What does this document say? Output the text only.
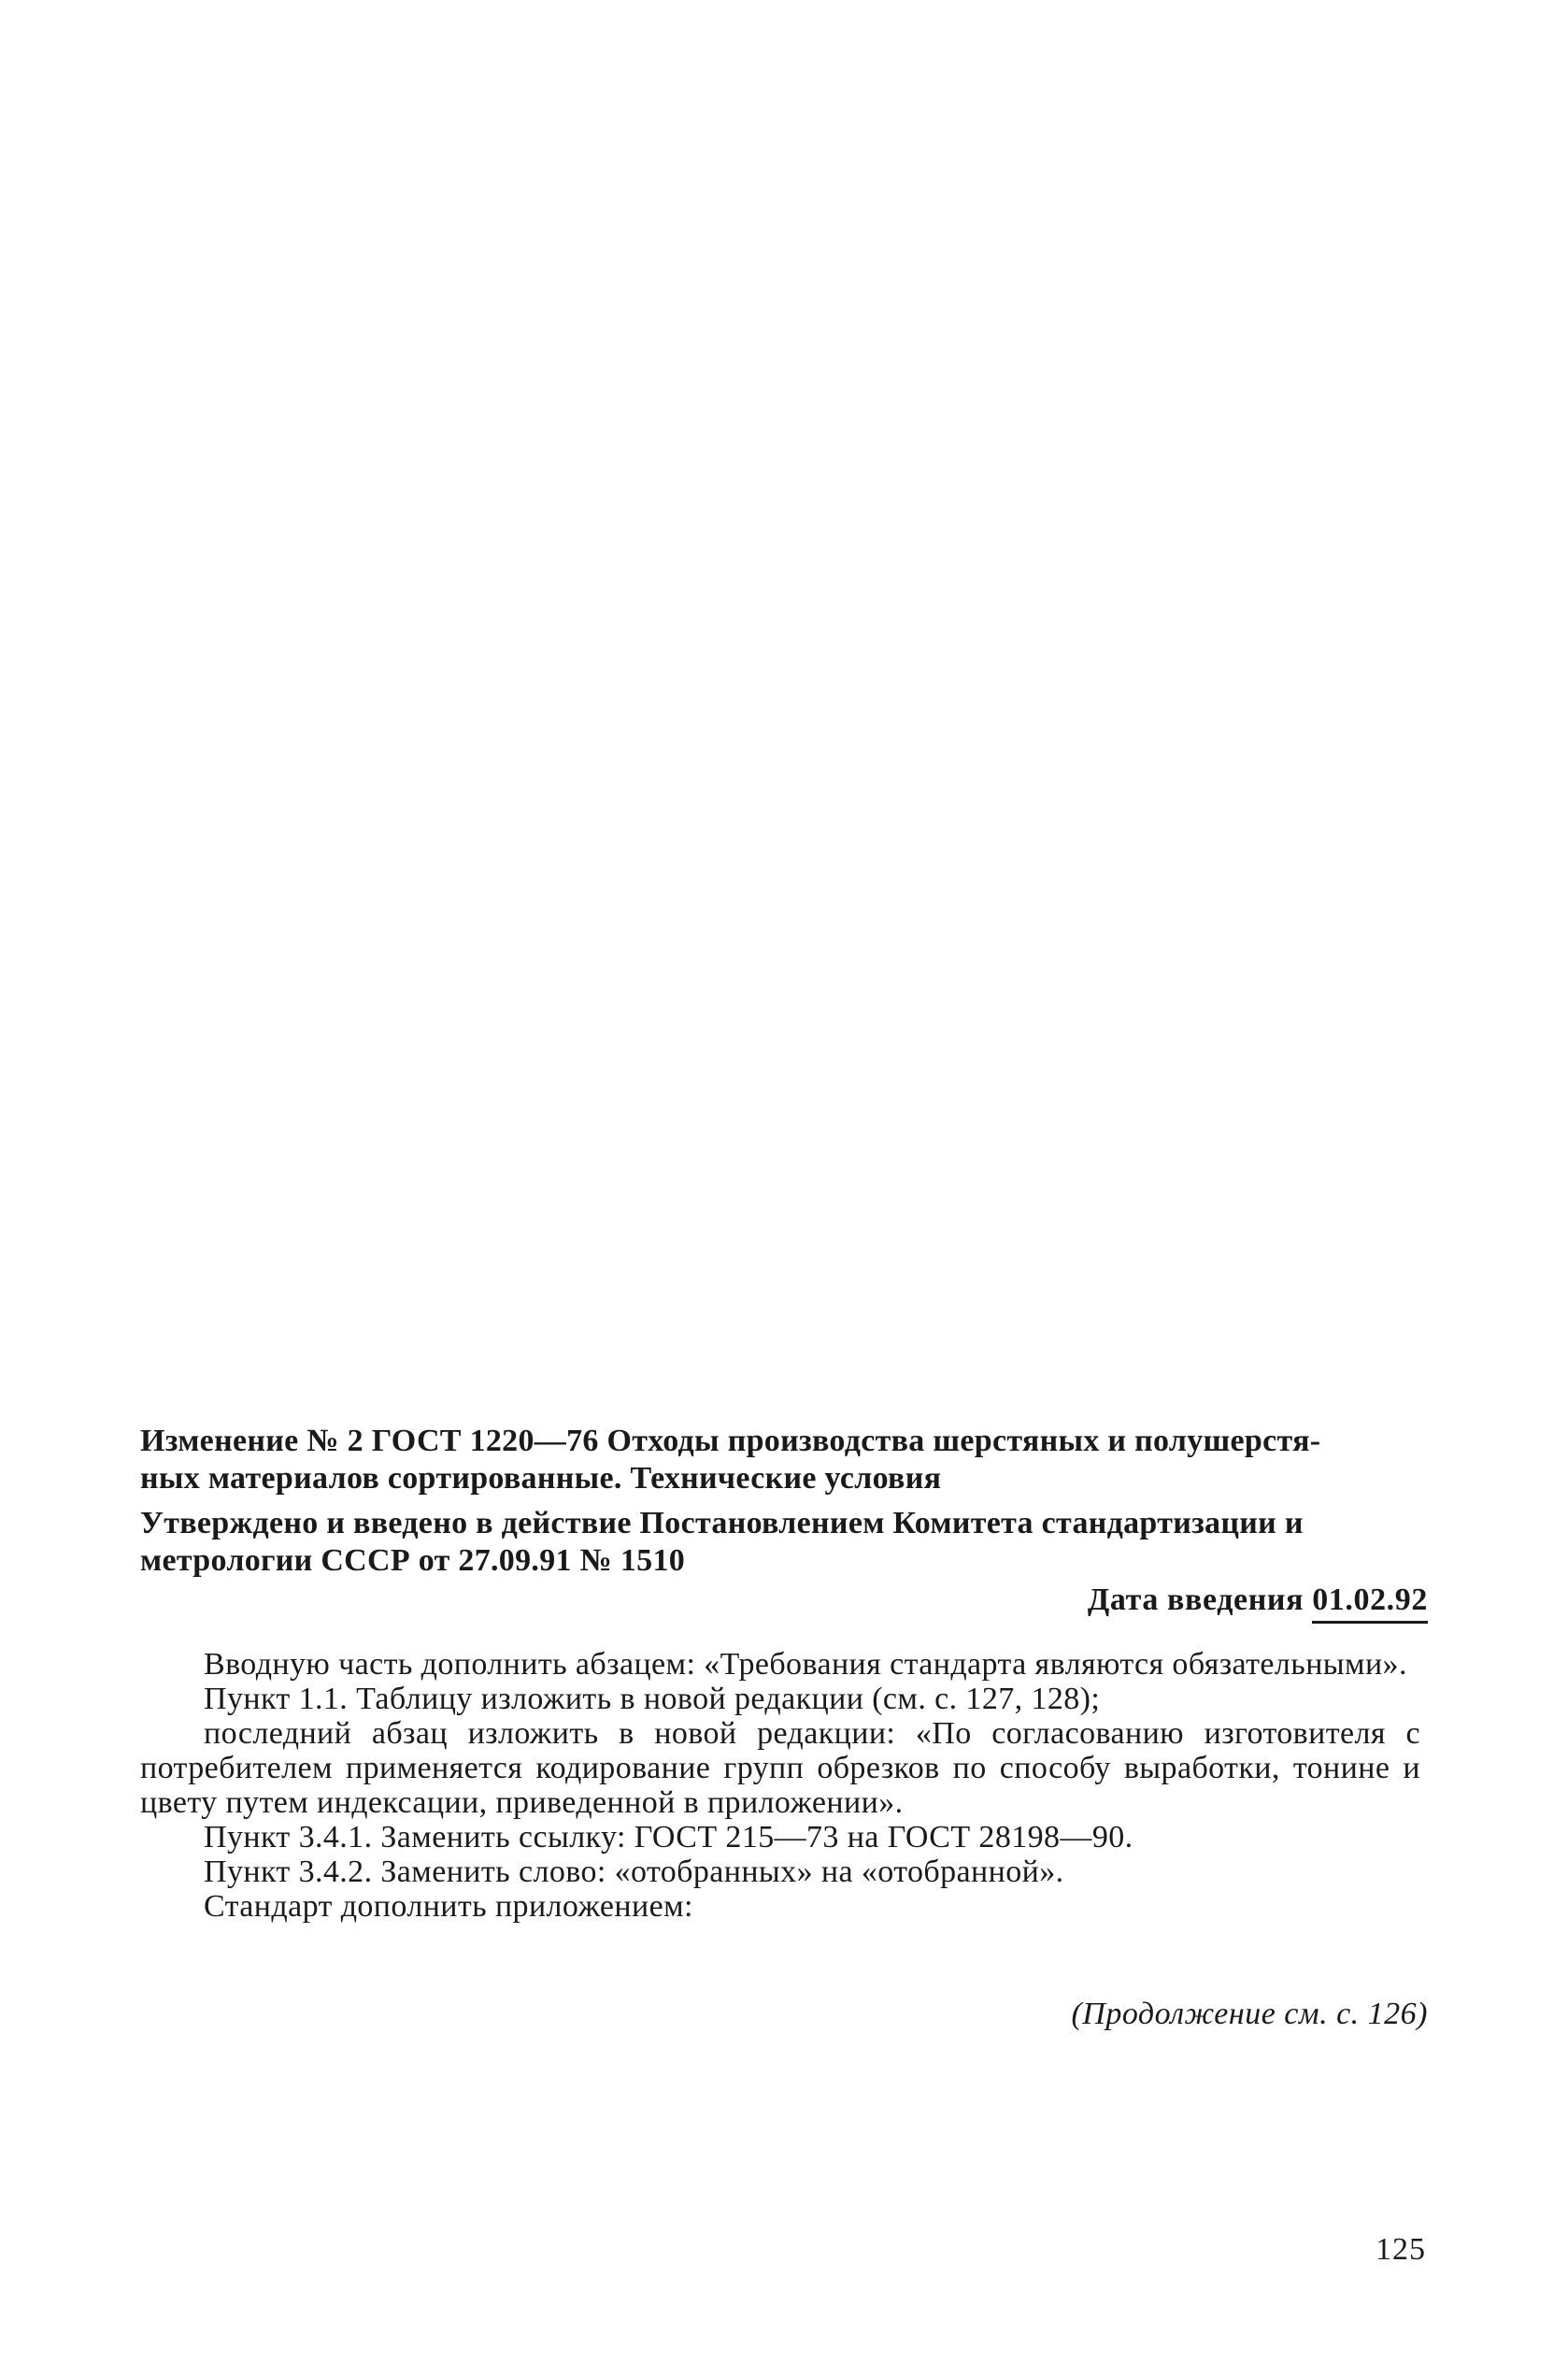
Изменение № 2 ГОСТ 1220—76 Отходы производства шерстяных и полушерстя-
ных материалов сортированные. Технические условия
Утверждено и введено в действие Постановлением Комитета стандартизации и
метрологии СССР от 27.09.91 № 1510
Дата введения 01.02.92

Вводную часть дополнить абзацем: «Требования стандарта являются обязательными».

Пункт 1.1. Таблицу изложить в новой редакции (см. с. 127, 128);

последний абзац изложить в новой редакции: «По согласованию изготовителя с потребителем применяется кодирование групп обрезков по способу выработки, тонине и цвету путем индексации, приведенной в приложении».

Пункт 3.4.1. Заменить ссылку: ГОСТ 215—73 на ГОСТ 28198—90.

Пункт 3.4.2. Заменить слово: «отобранных» на «отобранной».

Стандарт дополнить приложением:

(Продолжение см. с. 126)
125
